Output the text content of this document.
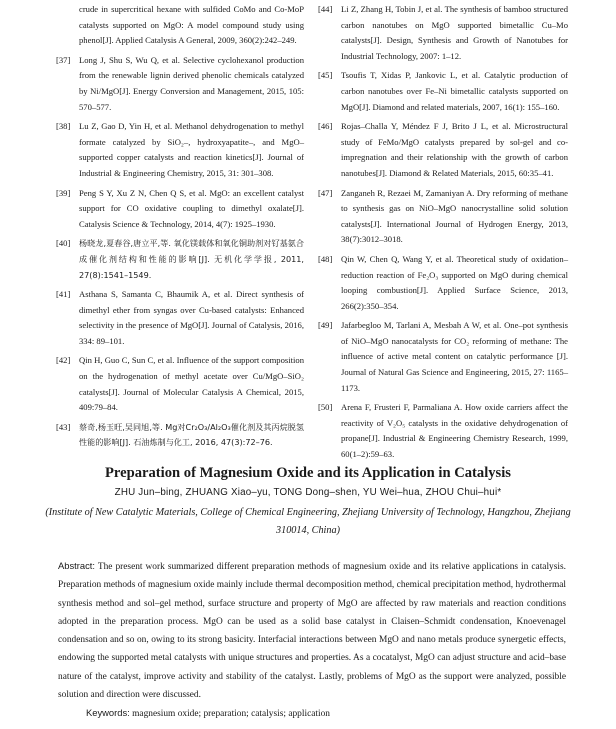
crude in supercritical hexane with sulfided CoMo and Co-MoP catalysts supported on MgO: A model compound study using phenol[J]. Applied Catalysis A General, 2009, 360(2):242–249.
[37]	Long J, Shu S, Wu Q, et al. Selective cyclohexanol production from the renewable lignin derived phenolic chemicals catalyzed by Ni/MgO[J]. Energy Conversion and Management, 2015, 105: 570–577.
[38]	Lu Z, Gao D, Yin H, et al. Methanol dehydrogenation to methyl formate catalyzed by SiO₂–, hydroxyapatite–, and MgO–supported copper catalysts and reaction kinetics[J]. Journal of Industrial & Engineering Chemistry, 2015, 31: 301–308.
[39]	Peng S Y, Xu Z N, Chen Q S, et al. MgO: an excellent catalyst support for CO oxidative coupling to dimethyl oxalate[J]. Catalysis Science & Technology, 2014, 4(7): 1925–1930.
[40]	杨晓龙,夏春谷,唐立平,等. 氧化镁载体和氧化铜助剂对钌基氨合成催化剂结构和性能的影响[J]. 无机化学学报, 2011, 27(8):1541–1549.
[41]	Asthana S, Samanta C, Bhaumik A, et al. Direct synthesis of dimethyl ether from syngas over Cu-based catalysts: Enhanced selectivity in the presence of MgO[J]. Journal of Catalysis, 2016, 334: 89–101.
[42]	Qin H, Guo C, Sun C, et al. Influence of the support composition on the hydrogenation of methyl acetate over Cu/MgO–SiO₂ catalysts[J]. Journal of Molecular Catalysis A Chemical, 2015, 409:79–84.
[43]	蔡奇,杨玉旺,吴同旭,等. Mg对Cr₂O₃/Al₂O₃催化剂及其丙烷脱氢性能的影响[J]. 石油炼制与化工, 2016, 47(3):72–76.
[44]	Li Z, Zhang H, Tobin J, et al. The synthesis of bamboo structured carbon nanotubes on MgO supported bimetallic Cu–Mo catalysts[J]. Design, Synthesis and Growth of Nanotubes for Industrial Technology, 2007: 1–12.
[45]	Tsoufis T, Xidas P, Jankovic L, et al. Catalytic production of carbon nanotubes over Fe–Ni bimetallic catalysts supported on MgO[J]. Diamond and related materials, 2007, 16(1): 155–160.
[46]	Rojas–Challa Y, Méndez F J, Brito J L, et al. Microstructural study of FeMo/MgO catalysts prepared by sol-gel and co-impregnation and their relationship with the growth of carbon nanotubes[J]. Diamond & Related Materials, 2015, 60:35–41.
[47]	Zanganeh R, Rezaei M, Zamaniyan A. Dry reforming of methane to synthesis gas on NiO–MgO nanocrystalline solid solution catalysts[J]. International Journal of Hydrogen Energy, 2013, 38(7):3012–3018.
[48]	Qin W, Chen Q, Wang Y, et al. Theoretical study of oxidation–reduction reaction of Fe₂O₃ supported on MgO during chemical looping combustion[J]. Applied Surface Science, 2013, 266(2):350–354.
[49]	Jafarbegloo M, Tarlani A, Mesbah A W, et al. One–pot synthesis of NiO–MgO nanocatalysts for CO₂ reforming of methane: The influence of active metal content on catalytic performance [J]. Journal of Natural Gas Science and Engineering, 2015, 27: 1165–1173.
[50]	Arena F, Frusteri F, Parmaliana A. How oxide carriers affect the reactivity of V₂O₅ catalysts in the oxidative dehydrogenation of propane[J]. Industrial & Engineering Chemistry Research, 1999, 60(1–2):59–63.
Preparation of Magnesium Oxide and its Application in Catalysis
ZHU Jun–bing, ZHUANG Xiao–yu, TONG Dong–shen, YU Wei–hua, ZHOU Chui–hui*
(Institute of New Catalytic Materials, College of Chemical Engineering, Zhejiang University of Technology, Hangzhou, Zhejiang 310014, China)
Abstract: The present work summarized different preparation methods of magnesium oxide and its relative applications in catalysis. Preparation methods of magnesium oxide mainly include thermal decomposition method, chemical precipitation method, hydrothermal synthesis method and sol–gel method, surface structure and property of MgO are affected by raw materials and reaction conditions adopted in the preparation process. MgO can be used as a solid base catalyst in Claisen–Schmidt condensation, Knoevenagel condensation and so on, owing to its strong basicity. Interfacial interactions between MgO and nano metals produce synergetic effects, endowing the supported metal catalysts with unique structures and properties. As a cocatalyst, MgO can adjust structure and acid–base nature of the catalyst, improve activity and stability of the catalyst. Lastly, problems of MgO as the support were analyzed, possible solution and direction were discussed.
Keywords: magnesium oxide; preparation; catalysis; application
